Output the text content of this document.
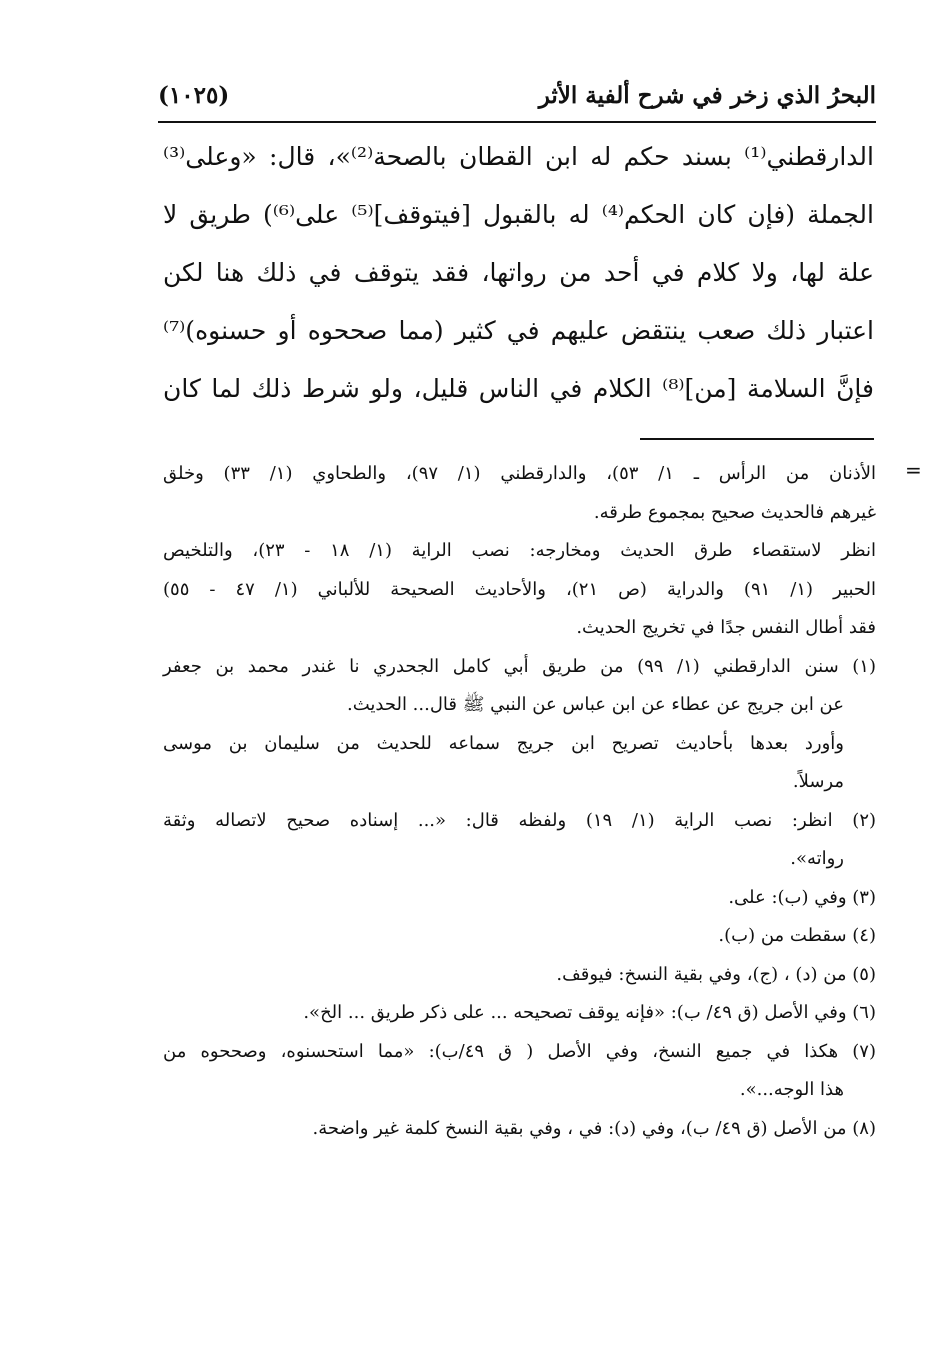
البحرُ الذي زخر في شرح ألفية الأثر
(١٠٢٥)
الدارقطني⁽¹⁾ بسند حكم له ابن القطان بالصحة⁽²⁾»، قال: «وعلى⁽³⁾
الجملة (فإن كان الحكم⁽⁴⁾ له بالقبول [فيتوقف]⁽⁵⁾ على⁽⁶⁾) طريق لا
علة لها، ولا كلام في أحد من رواتها، فقد يتوقف في ذلك هنا لكن
اعتبار ذلك صعب ينتقض عليهم في كثير (مما صححوه أو حسنوه)⁽⁷⁾
فإنَّ السلامة [من]⁽⁸⁾ الكلام في الناس قليل، ولو شرط ذلك لما كان
=
الأذنان من الرأس ـ ١/ ٥٣)، والدارقطني (١/ ٩٧)، والطحاوي (١/ ٣٣) وخلق
غيرهم فالحديث صحيح بمجموع طرقه.
انظر لاستقصاء طرق الحديث ومخارجه: نصب الراية (١/ ١٨ - ٢٣)، والتلخيص
الحبير (١/ ٩١) والدراية (ص ٢١)، والأحاديث الصحيحة للألباني (١/ ٤٧ - ٥٥)
فقد أطال النفس جدًا في تخريج الحديث.
(١) سنن الدارقطني (١/ ٩٩) من طريق أبي كامل الجحدري نا غندر محمد بن جعفر
عن ابن جريج عن عطاء عن ابن عباس عن النبي ﷺ قال... الحديث.
وأورد بعدها بأحاديث تصريح ابن جريج سماعه للحديث من سليمان بن موسى
مرسلاً.
(٢) انظر: نصب الراية (١/ ١٩) ولفظه قال: «... إسناده صحيح لاتصاله وثقة
رواته».
(٣) وفي (ب): على.
(٤) سقطت من (ب).
(٥) من (د) ، (ج)، وفي بقية النسخ: فيوقف.
(٦) وفي الأصل (ق ٤٩/ ب): «فإنه يوقف تصحيحه ... على ذكر طريق ... الخ».
(٧) هكذا في جميع النسخ، وفي الأصل ( ق ٤٩/ب): «مما استحسنوه، وصححوه من
هذا الوجه...».
(٨) من الأصل (ق ٤٩/ ب)، وفي (د): في ، وفي بقية النسخ كلمة غير واضحة.
